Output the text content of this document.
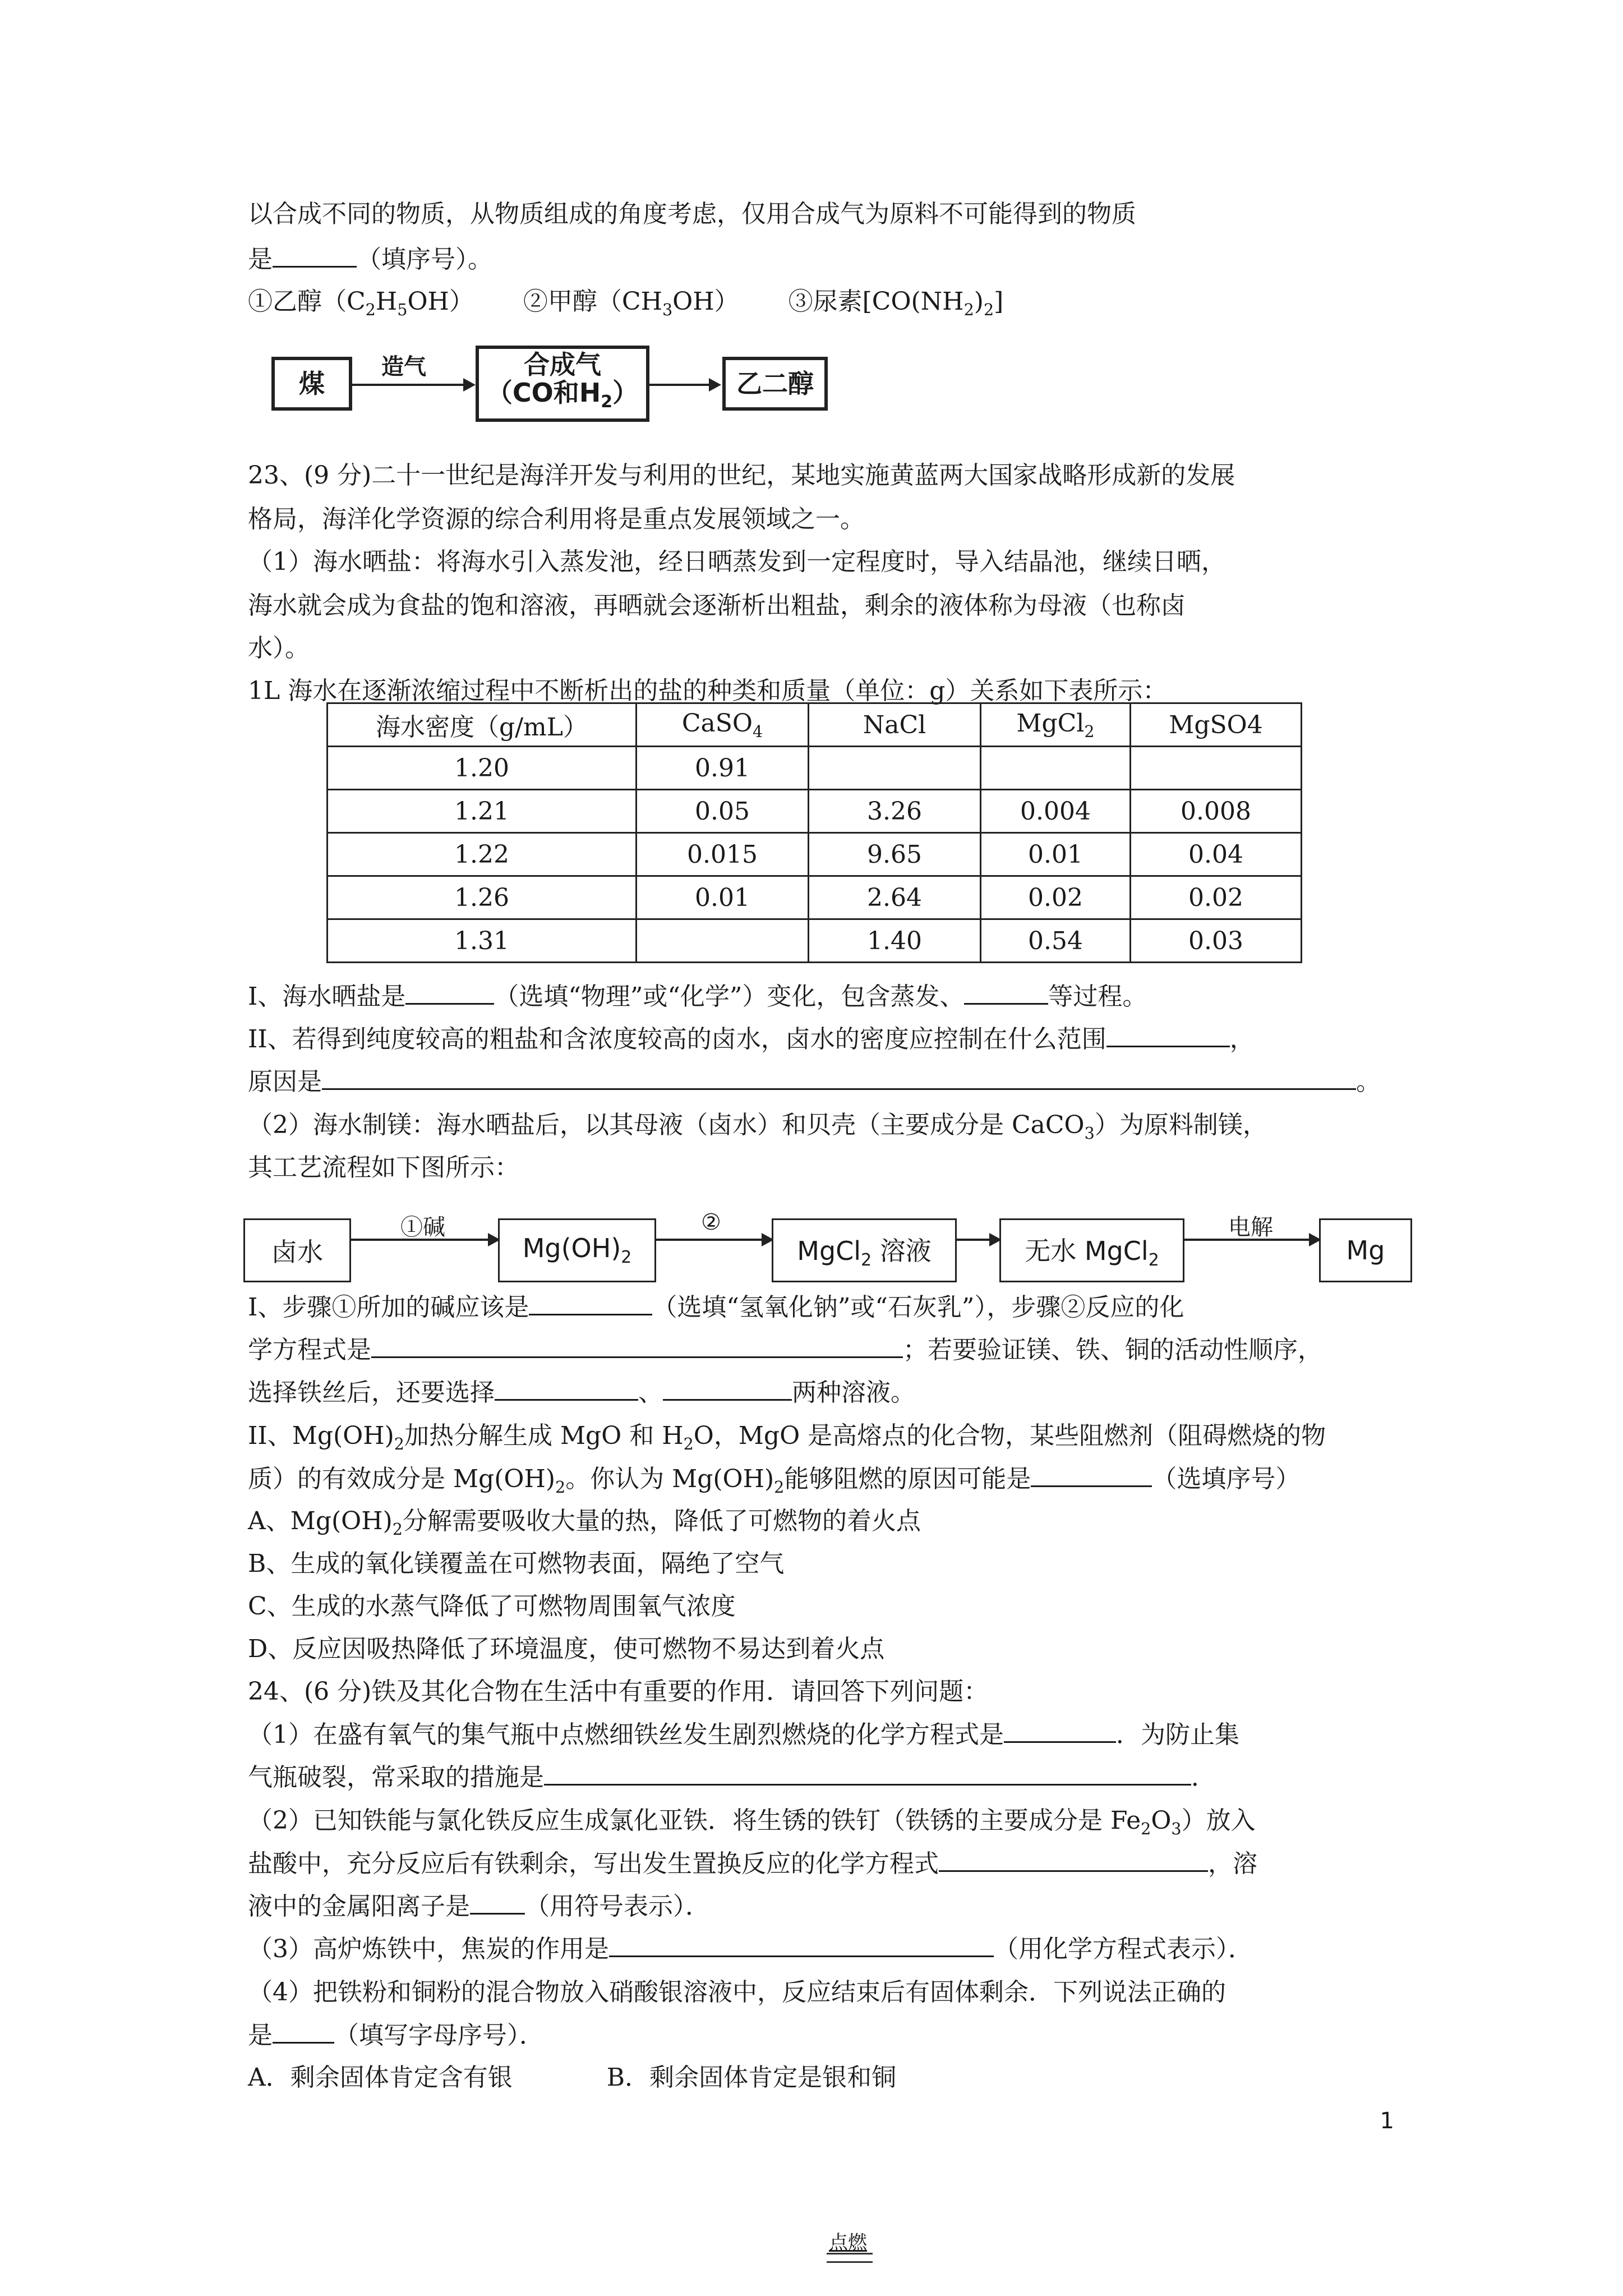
以合成不同的物质，从物质组成的角度考虑，仅用合成气为原料不可能得到的物质
是	（填序号）。
①乙醇$(C_2H_5OH)$ ②甲醇$(CH_3OH)$ ③尿素$[CO(NH_2)_2]$
煤
造气	合成气
（CO和$H_2$）	乙二醇
23、(9 分)二十一世纪是海洋开发与利用的世纪，某地实施黄蓝两大国家战略形成新的发展
格局，海洋化学资源的综合利用将是重点发展领域之一。
（1）海水晒盐：将海水引入蒸发池，经日晒蒸发到一定程度时，导入结晶池，继续日晒，
海水就会成为食盐的饱和溶液，再晒就会逐渐析出粗盐，剩余的液体称为母液（也称卤
水）。
1L 海水在逐渐浓缩过程中不断析出的盐的种类和质量（单位：g）关系如下表所示：
海水密度（g/mL）	CaSO$_4$	NaCl	MgCl$_2$	MgSO4
1.20	0.91			
1.21	0.05	3.26	0.004	0.008
1.22	0.015	9.65	0.01	0.04
1.26	0.01	2.64	0.02	0.02
1.31		1.40	0.54	0.03
I、海水晒盐是	（选填“物理”或“化学”）变化，包含蒸发、	等过程。
II、若得到纯度较高的粗盐和含浓度较高的卤水，卤水的密度应控制在什么范围	，
原因是	。
（2）海水制镁：海水晒盐后，以其母液（卤水）和贝壳（主要成分是 CaCO$_3$）为原料制镁，
其工艺流程如下图所示：
卤水
①碱
$Mg(OH)_2$
②
MgCl$_2$ 溶液	无水 MgCl$_2$
电解
Mg
I、步骤①所加的碱应该是	（选填“氢氧化钠”或“石灰乳”），步骤②反应的化
学方程式是	；若要验证镁、铁、铜的活动性顺序，
选择铁丝后，还要选择	、	两种溶液。
II、$Mg(OH)_2$加热分解生成 MgO 和 $H_2O$，MgO 是高熔点的化合物，某些阻燃剂（阻碍燃烧的物
质）的有效成分是 $Mg(OH)_2$。你认为 $Mg(OH)_2$能够阻燃的原因可能是	（选填序号）
A、$Mg(OH)_2$分解需要吸收大量的热，降低了可燃物的着火点
B、生成的氧化镁覆盖在可燃物表面，隔绝了空气
C、生成的水蒸气降低了可燃物周围氧气浓度
D、反应因吸热降低了环境温度，使可燃物不易达到着火点
24、(6 分)铁及其化合物在生活中有重要的作用．请回答下列问题：
（1）在盛有氧气的集气瓶中点燃细铁丝发生剧烈燃烧的化学方程式是	．为防止集
气瓶破裂，常采取的措施是	．
（2）已知铁能与氯化铁反应生成氯化亚铁．将生锈的铁钉（铁锈的主要成分是 $Fe_2O_3$）放入
盐酸中，充分反应后有铁剩余，写出发生置换反应的化学方程式	，溶
液中的金属阳离子是 （用符号表示）．
（3）高炉炼铁中，焦炭的作用是	（用化学方程式表示）．
（4）把铁粉和铜粉的混合物放入硝酸银溶液中，反应结束后有固体剩余．下列说法正确的
是	（填写字母序号）．
A．剩余固体肯定含有银	B．剩余固体肯定是银和铜
1
点燃
